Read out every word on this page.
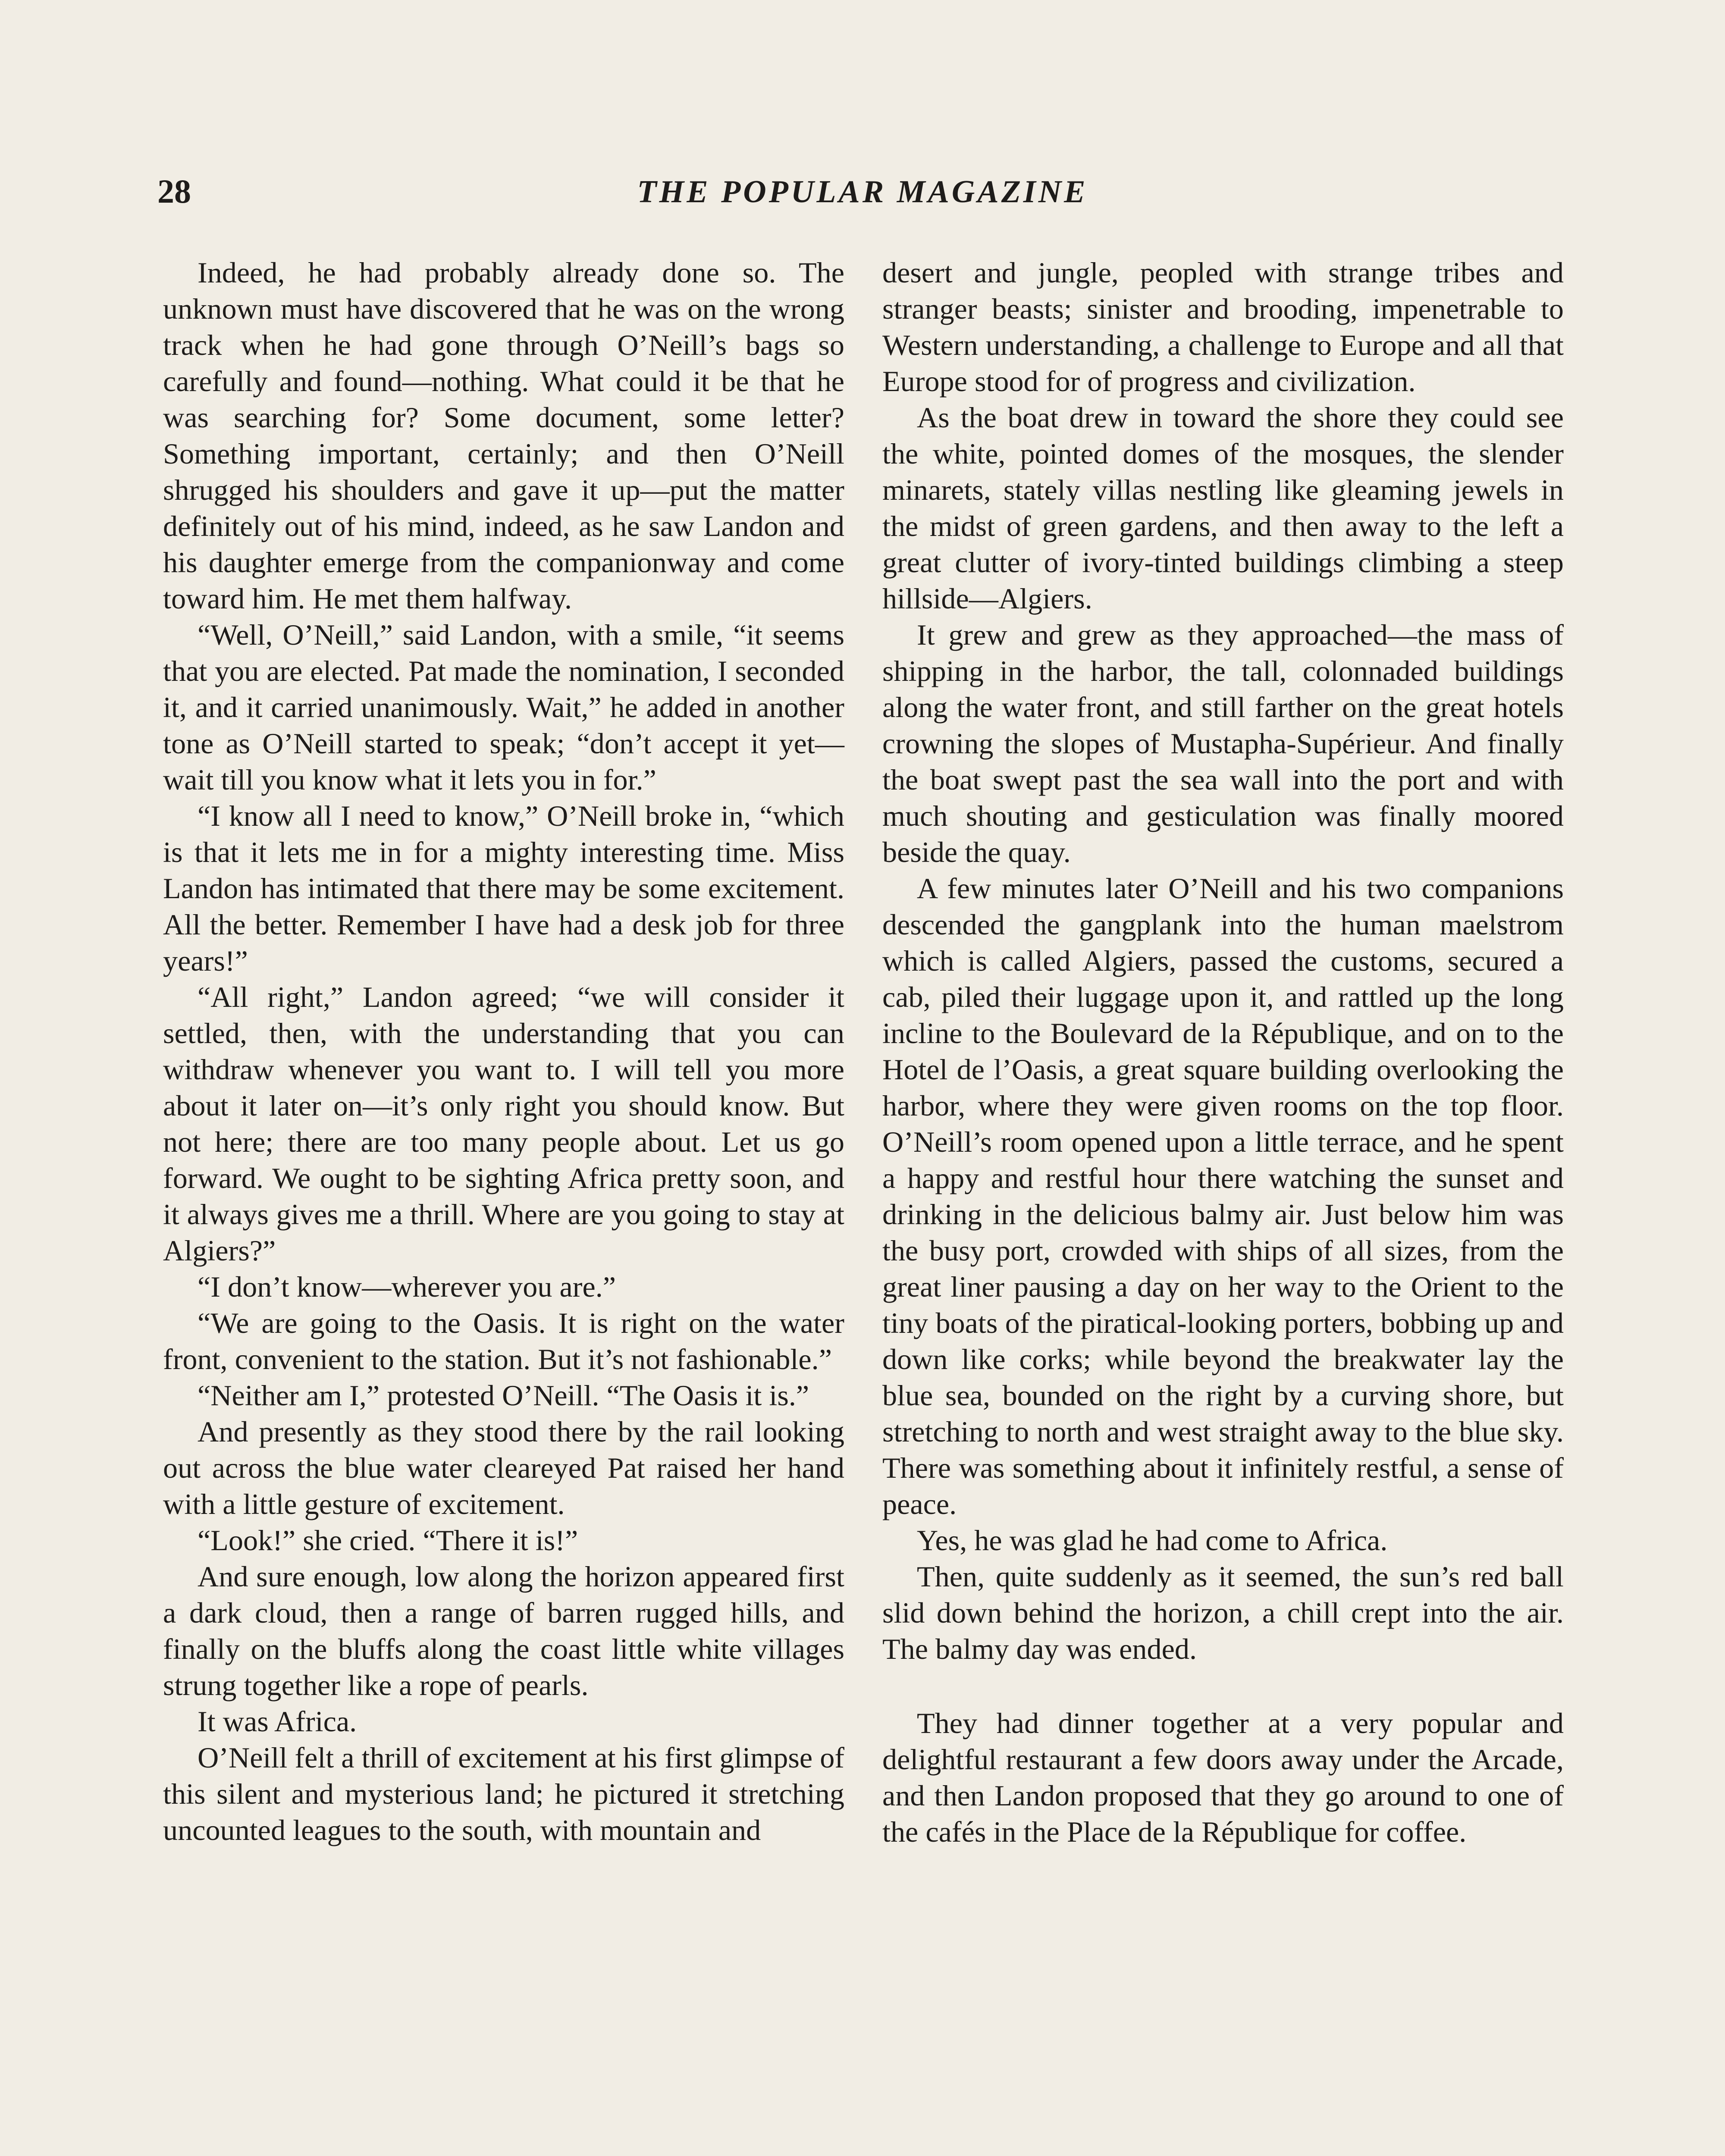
28	THE POPULAR MAGAZINE

Indeed, he had probably already done so. The unknown must have discovered that he was on the wrong track when he had gone through O’Neill’s bags so carefully and found—nothing. What could it be that he was searching for? Some document, some letter? Something important, certainly; and then O’Neill shrugged his shoulders and gave it up—put the matter definitely out of his mind, indeed, as he saw Landon and his daughter emerge from the companionway and come toward him. He met them halfway.

“Well, O’Neill,” said Landon, with a smile, “it seems that you are elected. Pat made the nomination, I seconded it, and it carried unanimously. Wait,” he added in another tone as O’Neill started to speak; “don’t accept it yet—wait till you know what it lets you in for.”

“I know all I need to know,” O’Neill broke in, “which is that it lets me in for a mighty interesting time. Miss Landon has intimated that there may be some excitement. All the better. Remember I have had a desk job for three years!”

“All right,” Landon agreed; “we will consider it settled, then, with the understanding that you can withdraw whenever you want to. I will tell you more about it later on—it’s only right you should know. But not here; there are too many people about. Let us go forward. We ought to be sighting Africa pretty soon, and it always gives me a thrill. Where are you going to stay at Algiers?”

“I don’t know—wherever you are.”

“We are going to the Oasis. It is right on the water front, convenient to the station. But it’s not fashionable.”

“Neither am I,” protested O’Neill. “The Oasis it is.”

And presently as they stood there by the rail looking out across the blue water cleareyed Pat raised her hand with a little gesture of excitement.

“Look!” she cried. “There it is!”

And sure enough, low along the horizon appeared first a dark cloud, then a range of barren rugged hills, and finally on the bluffs along the coast little white villages strung together like a rope of pearls.

It was Africa.

O’Neill felt a thrill of excitement at his first glimpse of this silent and mysterious land; he pictured it stretching uncounted leagues to the south, with mountain and

desert and jungle, peopled with strange tribes and stranger beasts; sinister and brooding, impenetrable to Western understanding, a challenge to Europe and all that Europe stood for of progress and civilization.

As the boat drew in toward the shore they could see the white, pointed domes of the mosques, the slender minarets, stately villas nestling like gleaming jewels in the midst of green gardens, and then away to the left a great clutter of ivory-tinted buildings climbing a steep hillside—Algiers.

It grew and grew as they approached—the mass of shipping in the harbor, the tall, colonnaded buildings along the water front, and still farther on the great hotels crowning the slopes of Mustapha-Supérieur. And finally the boat swept past the sea wall into the port and with much shouting and gesticulation was finally moored beside the quay.

A few minutes later O’Neill and his two companions descended the gangplank into the human maelstrom which is called Algiers, passed the customs, secured a cab, piled their luggage upon it, and rattled up the long incline to the Boulevard de la République, and on to the Hotel de l’Oasis, a great square building overlooking the harbor, where they were given rooms on the top floor. O’Neill’s room opened upon a little terrace, and he spent a happy and restful hour there watching the sunset and drinking in the delicious balmy air. Just below him was the busy port, crowded with ships of all sizes, from the great liner pausing a day on her way to the Orient to the tiny boats of the piratical-looking porters, bobbing up and down like corks; while beyond the breakwater lay the blue sea, bounded on the right by a curving shore, but stretching to north and west straight away to the blue sky. There was something about it infinitely restful, a sense of peace.

Yes, he was glad he had come to Africa.

Then, quite suddenly as it seemed, the sun’s red ball slid down behind the horizon, a chill crept into the air. The balmy day was ended.

They had dinner together at a very popular and delightful restaurant a few doors away under the Arcade, and then Landon proposed that they go around to one of the cafés in the Place de la République for coffee.
